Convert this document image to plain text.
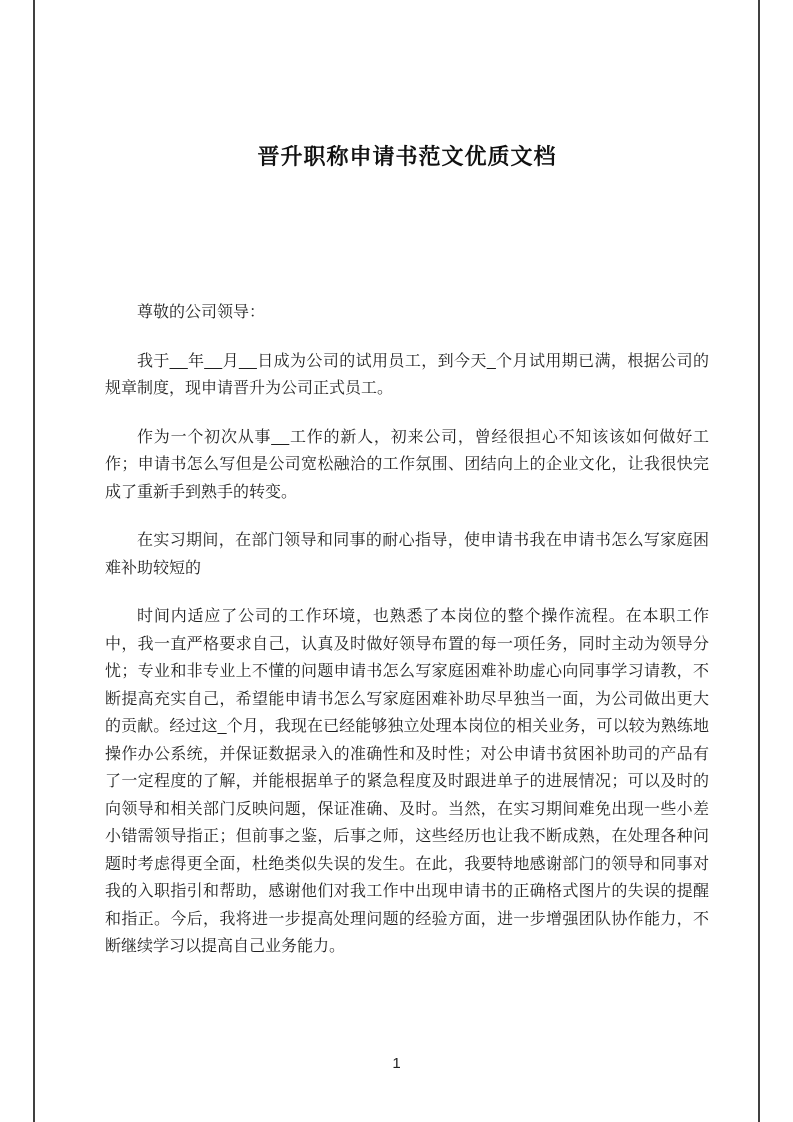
晋升职称申请书范文优质文档

尊敬的公司领导：

我于__年__月__日成为公司的试用员工，到今天_个月试用期已满，根据公司的规章制度，现申请晋升为公司正式员工。

作为一个初次从事__工作的新人，初来公司，曾经很担心不知该该如何做好工作；申请书怎么写但是公司宽松融洽的工作氛围、团结向上的企业文化，让我很快完成了重新手到熟手的转变。

在实习期间，在部门领导和同事的耐心指导，使申请书我在申请书怎么写家庭困难补助较短的

时间内适应了公司的工作环境，也熟悉了本岗位的整个操作流程。在本职工作中，我一直严格要求自己，认真及时做好领导布置的每一项任务，同时主动为领导分忧；专业和非专业上不懂的问题申请书怎么写家庭困难补助虚心向同事学习请教，不断提高充实自己，希望能申请书怎么写家庭困难补助尽早独当一面，为公司做出更大的贡献。经过这_个月，我现在已经能够独立处理本岗位的相关业务，可以较为熟练地操作办公系统，并保证数据录入的准确性和及时性；对公申请书贫困补助司的产品有了一定程度的了解，并能根据单子的紧急程度及时跟进单子的进展情况；可以及时的向领导和相关部门反映问题，保证准确、及时。当然，在实习期间难免出现一些小差小错需领导指正；但前事之鉴，后事之师，这些经历也让我不断成熟，在处理各种问题时考虑得更全面，杜绝类似失误的发生。在此，我要特地感谢部门的领导和同事对我的入职指引和帮助，感谢他们对我工作中出现申请书的正确格式图片的失误的提醒和指正。今后，我将进一步提高处理问题的经验方面，进一步增强团队协作能力，不断继续学习以提高自己业务能力。

1
